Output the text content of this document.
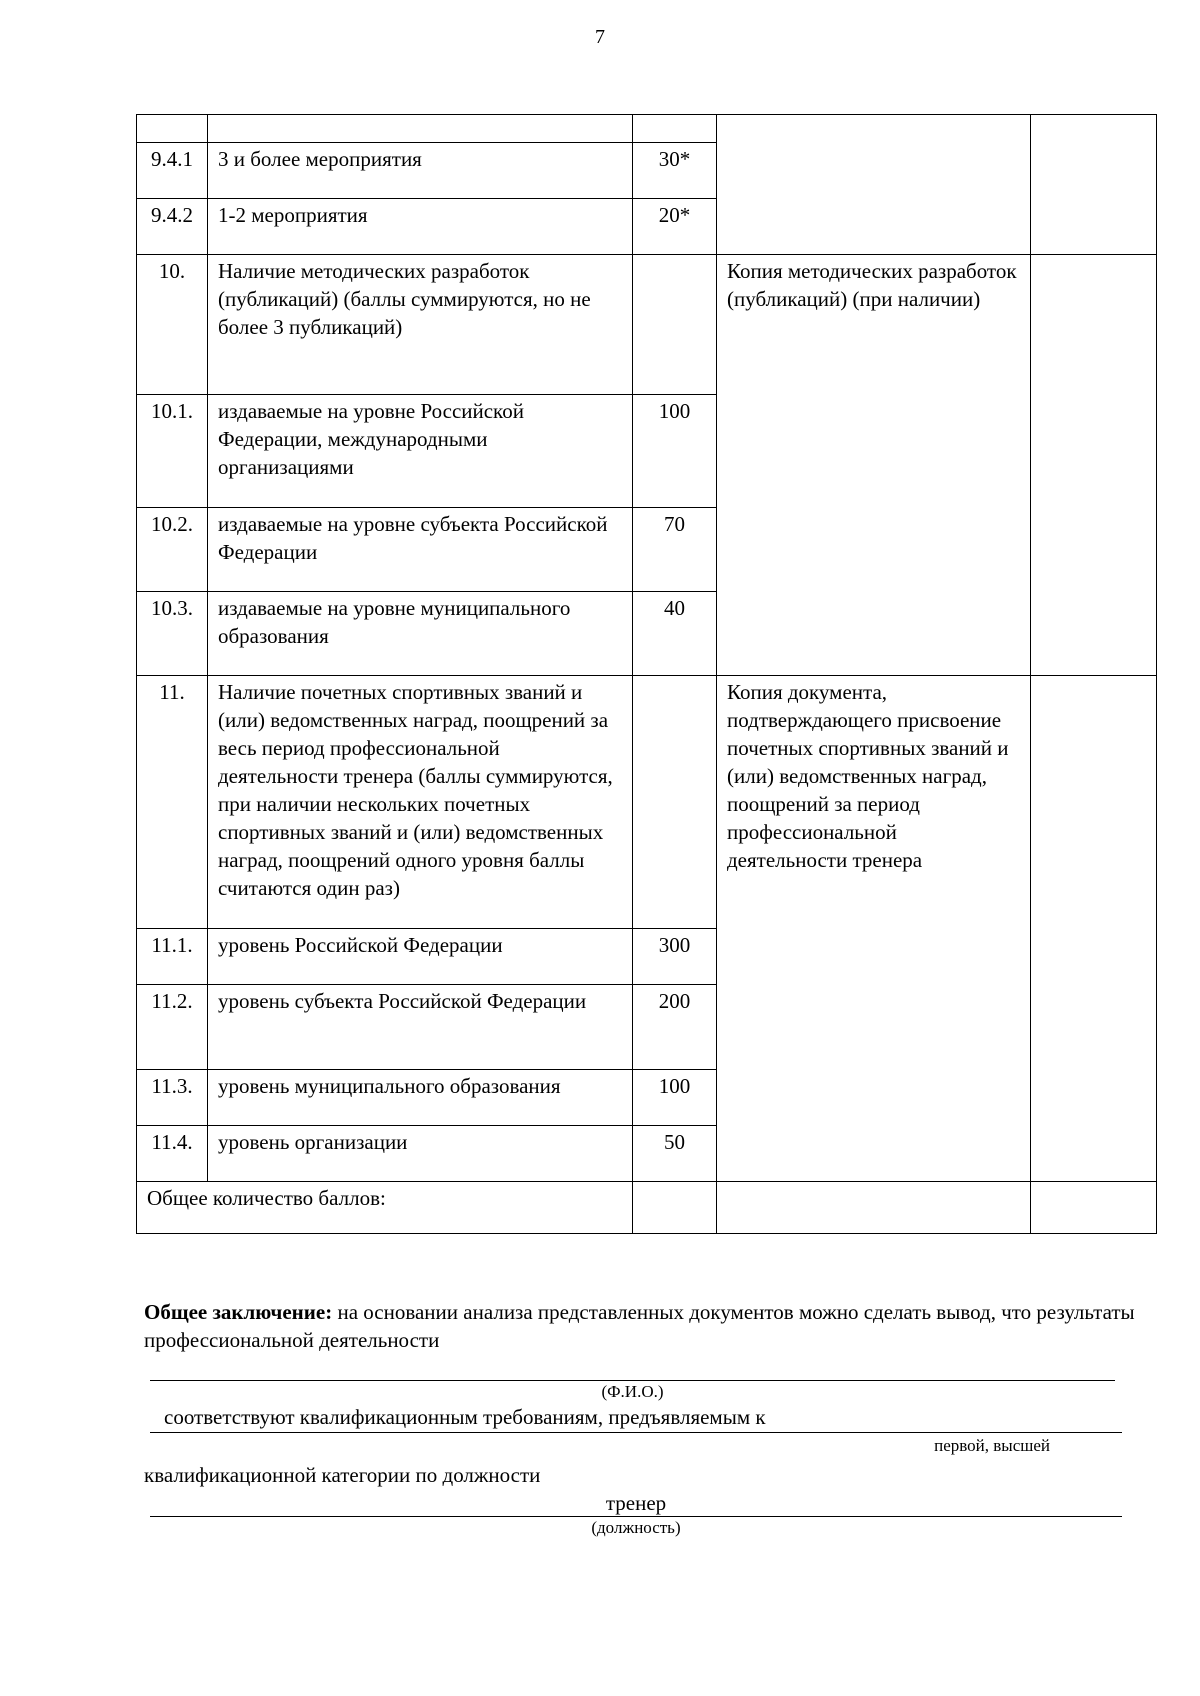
7

9.4.1	3 и более мероприятия	30*		
9.4.2	1-2 мероприятия	20*		
10.	Наличие методических разработок (публикаций) (баллы суммируются, но не более 3 публикаций)		Копия методических разработок (публикаций) (при наличии)	
10.1.	издаваемые на уровне Российской Федерации, международными организациями	100		
10.2.	издаваемые на уровне субъекта Российской Федерации	70		
10.3.	издаваемые на уровне муниципального образования	40		
11.	Наличие почетных спортивных званий и (или) ведомственных наград, поощрений за весь период профессиональной деятельности тренера (баллы суммируются, при наличии нескольких почетных спортивных званий и (или) ведомственных наград, поощрений одного уровня баллы считаются один раз)		Копия документа, подтверждающего присвоение почетных спортивных званий и (или) ведомственных наград, поощрений за период профессиональной деятельности тренера	
11.1.	уровень Российской Федерации	300		
11.2.	уровень субъекта Российской Федерации	200		
11.3.	уровень муниципального образования	100		
11.4.	уровень организации	50		
Общее количество баллов:				
Общее заключение: на основании анализа представленных документов можно сделать вывод, что результаты профессиональной деятельности
(Ф.И.О.)
соответствуют квалификационным требованиям, предъявляемым к
первой, высшей
квалификационной категории по должности
тренер
(должность)
